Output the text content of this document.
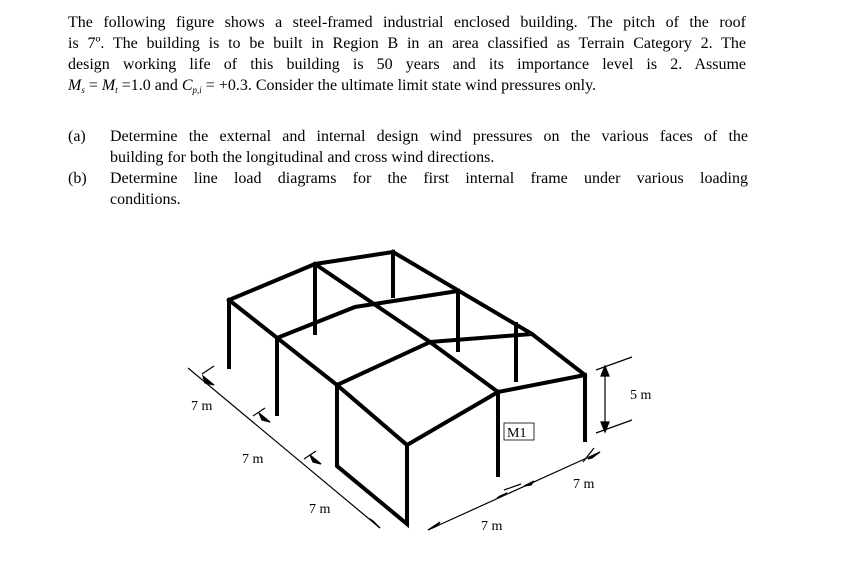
The following figure shows a steel-framed industrial enclosed building. The pitch of the roof
is 7º. The building is to be built in Region B in an area classified as Terrain Category 2. The
design working life of this building is 50 years and its importance level is 2. Assume
$M_s = M_t =1.0$ and $C_{p,i} = +0.3$. Consider the ultimate limit state wind pressures only.
(a)	Determine the external and internal design wind pressures on the various faces of the
building for both the longitudinal and cross wind directions.
(b)	Determine line load diagrams for the first internal frame under various loading
conditions.
M1
7 m
7 m
7 m
7 m
7 m
5 m
